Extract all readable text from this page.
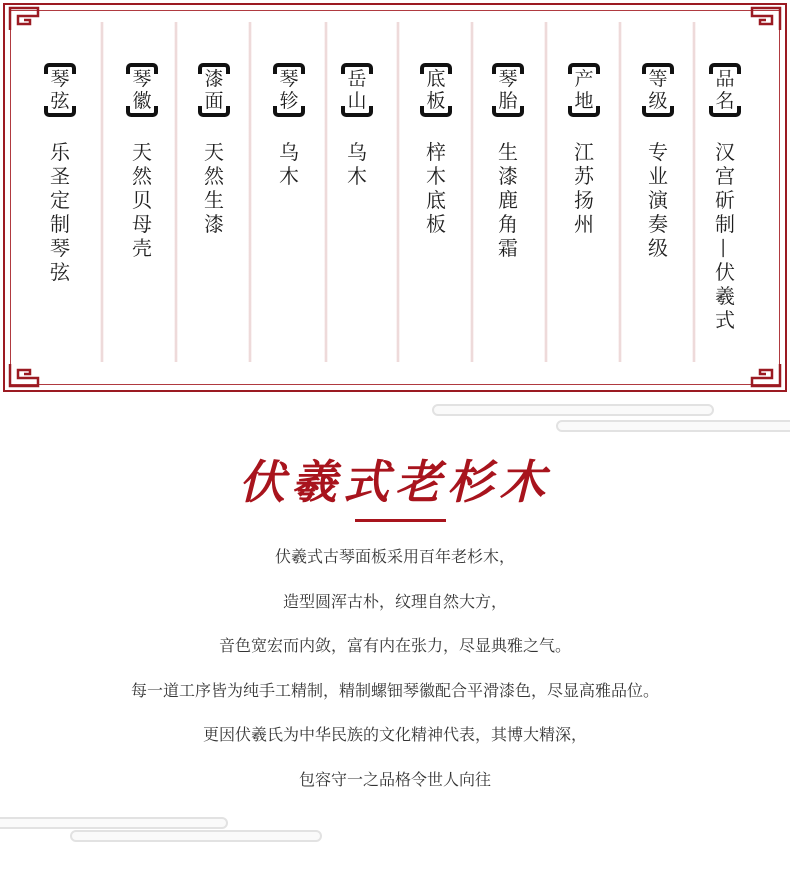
琴
弦
乐
圣
定
制
琴
弦
琴
徽
天
然
贝
母
壳
漆
面
天
然
生
漆
琴
轸
乌
木
岳
山
乌
木
底
板
梓
木
底
板
琴
胎
生
漆
鹿
角
霜
产
地
江
苏
扬
州
等
级
专
业
演
奏
级
品
名
汉
宫
斫
制
—
伏
羲
式
伏羲式老杉木

伏羲式古琴面板采用百年老杉木，

造型圆浑古朴，纹理自然大方，

音色宽宏而内敛，富有内在张力，尽显典雅之气。

每一道工序皆为纯手工精制，精制螺钿琴徽配合平滑漆色，尽显高雅品位。

更因伏羲氏为中华民族的文化精神代表，其博大精深，

包容守一之品格令世人向往
